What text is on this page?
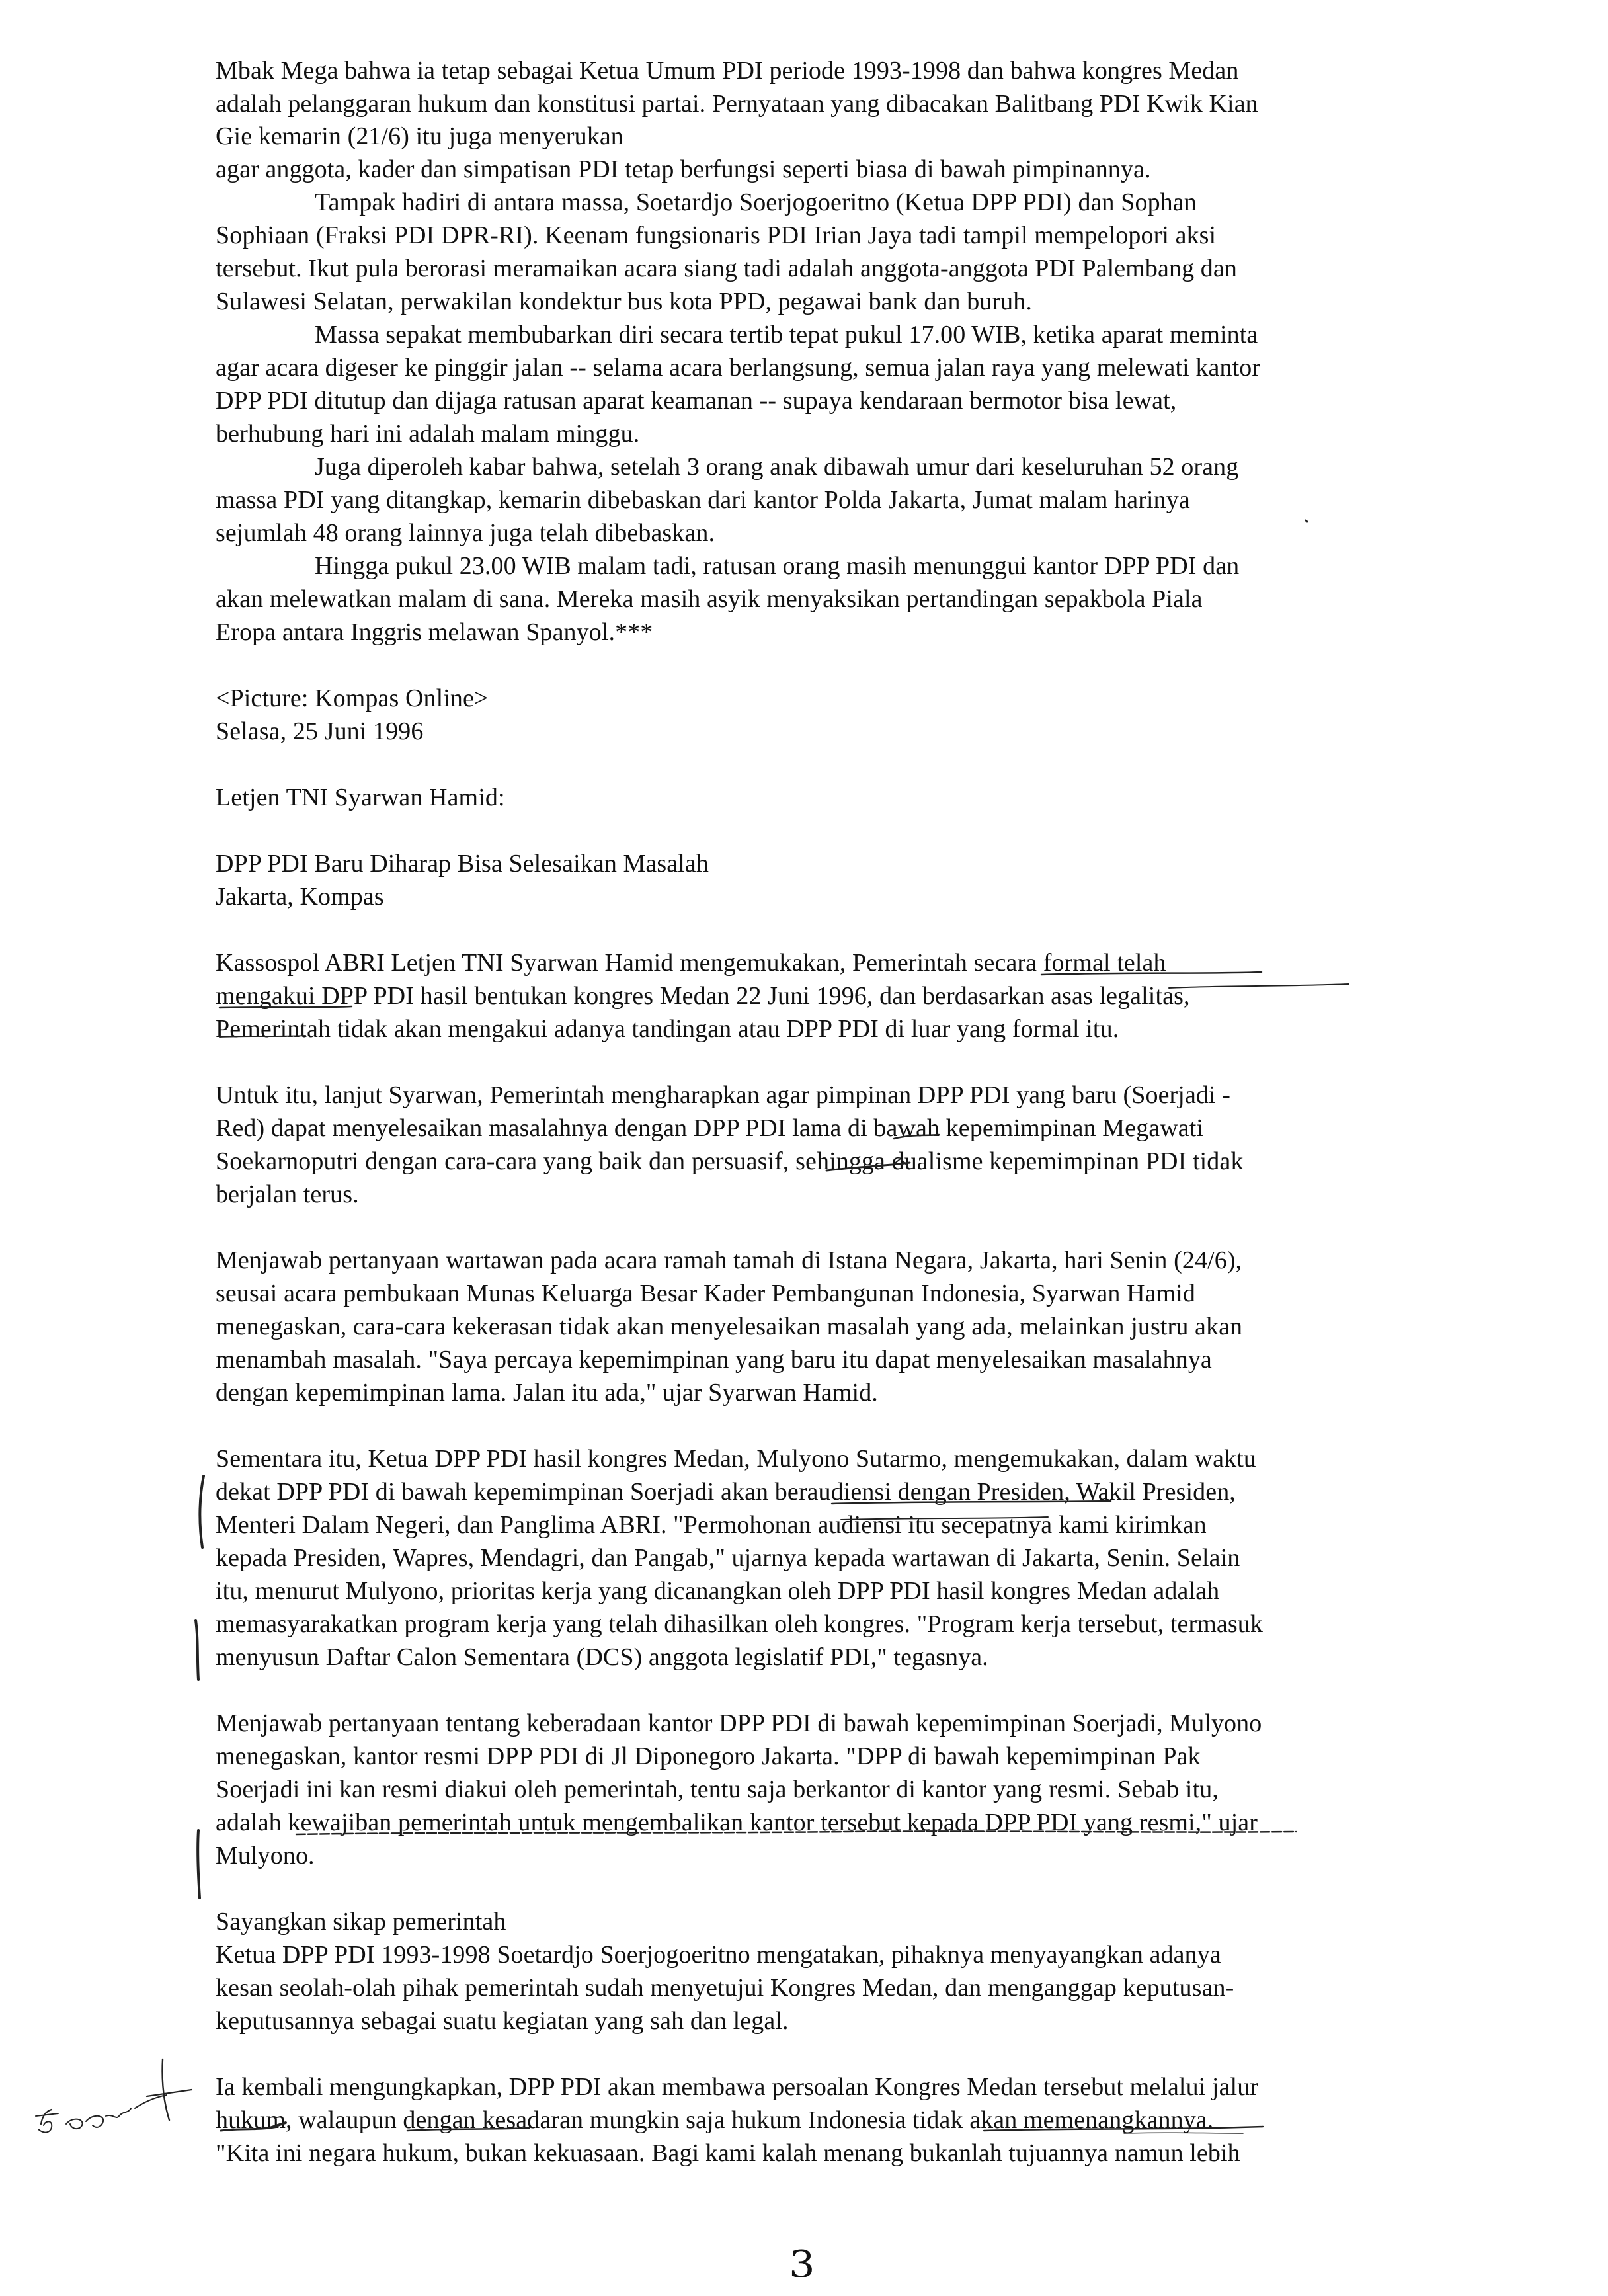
Mbak Mega bahwa ia tetap sebagai Ketua Umum PDI periode 1993-1998 dan bahwa kongres Medan
adalah pelanggaran hukum dan konstitusi partai. Pernyataan yang dibacakan Balitbang PDI Kwik Kian
Gie kemarin (21/6) itu juga menyerukan
agar anggota, kader dan simpatisan PDI tetap berfungsi seperti biasa di bawah pimpinannya.
Tampak hadiri di antara massa, Soetardjo Soerjogoeritno (Ketua DPP PDI) dan Sophan
Sophiaan (Fraksi PDI DPR-RI). Keenam fungsionaris PDI Irian Jaya tadi tampil mempelopori aksi
tersebut. Ikut pula berorasi meramaikan acara siang tadi adalah anggota-anggota PDI Palembang dan
Sulawesi Selatan, perwakilan kondektur bus kota PPD, pegawai bank dan buruh.
Massa sepakat membubarkan diri secara tertib tepat pukul 17.00 WIB, ketika aparat meminta
agar acara digeser ke pinggir jalan -- selama acara berlangsung, semua jalan raya yang melewati kantor
DPP PDI ditutup dan dijaga ratusan aparat keamanan -- supaya kendaraan bermotor bisa lewat,
berhubung hari ini adalah malam minggu.
Juga diperoleh kabar bahwa, setelah 3 orang anak dibawah umur dari keseluruhan 52 orang
massa PDI yang ditangkap, kemarin dibebaskan dari kantor Polda Jakarta, Jumat malam harinya
sejumlah 48 orang lainnya juga telah dibebaskan.
Hingga pukul 23.00 WIB malam tadi, ratusan orang masih menunggui kantor DPP PDI dan
akan melewatkan malam di sana. Mereka masih asyik menyaksikan pertandingan sepakbola Piala
Eropa antara Inggris melawan Spanyol.***
<Picture: Kompas Online>
Selasa, 25 Juni 1996
Letjen TNI Syarwan Hamid:
DPP PDI Baru Diharap Bisa Selesaikan Masalah
Jakarta, Kompas
Kassospol ABRI Letjen TNI Syarwan Hamid mengemukakan, Pemerintah secara formal telah
mengakui DPP PDI hasil bentukan kongres Medan 22 Juni 1996, dan berdasarkan asas legalitas,
Pemerintah tidak akan mengakui adanya tandingan atau DPP PDI di luar yang formal itu.
Untuk itu, lanjut Syarwan, Pemerintah mengharapkan agar pimpinan DPP PDI yang baru (Soerjadi -
Red) dapat menyelesaikan masalahnya dengan DPP PDI lama di bawah kepemimpinan Megawati
Soekarnoputri dengan cara-cara yang baik dan persuasif, sehingga dualisme kepemimpinan PDI tidak
berjalan terus.
Menjawab pertanyaan wartawan pada acara ramah tamah di Istana Negara, Jakarta, hari Senin (24/6),
seusai acara pembukaan Munas Keluarga Besar Kader Pembangunan Indonesia, Syarwan Hamid
menegaskan, cara-cara kekerasan tidak akan menyelesaikan masalah yang ada, melainkan justru akan
menambah masalah. "Saya percaya kepemimpinan yang baru itu dapat menyelesaikan masalahnya
dengan kepemimpinan lama. Jalan itu ada," ujar Syarwan Hamid.
Sementara itu, Ketua DPP PDI hasil kongres Medan, Mulyono Sutarmo, mengemukakan, dalam waktu
dekat DPP PDI di bawah kepemimpinan Soerjadi akan beraudiensi dengan Presiden, Wakil Presiden,
Menteri Dalam Negeri, dan Panglima ABRI. "Permohonan audiensi itu secepatnya kami kirimkan
kepada Presiden, Wapres, Mendagri, dan Pangab," ujarnya kepada wartawan di Jakarta, Senin. Selain
itu, menurut Mulyono, prioritas kerja yang dicanangkan oleh DPP PDI hasil kongres Medan adalah
memasyarakatkan program kerja yang telah dihasilkan oleh kongres. "Program kerja tersebut, termasuk
menyusun Daftar Calon Sementara (DCS) anggota legislatif PDI," tegasnya.
Menjawab pertanyaan tentang keberadaan kantor DPP PDI di bawah kepemimpinan Soerjadi, Mulyono
menegaskan, kantor resmi DPP PDI di Jl Diponegoro Jakarta. "DPP di bawah kepemimpinan Pak
Soerjadi ini kan resmi diakui oleh pemerintah, tentu saja berkantor di kantor yang resmi. Sebab itu,
adalah kewajiban pemerintah untuk mengembalikan kantor tersebut kepada DPP PDI yang resmi," ujar
Mulyono.
Sayangkan sikap pemerintah
Ketua DPP PDI 1993-1998 Soetardjo Soerjogoeritno mengatakan, pihaknya menyayangkan adanya
kesan seolah-olah pihak pemerintah sudah menyetujui Kongres Medan, dan menganggap keputusan-
keputusannya sebagai suatu kegiatan yang sah dan legal.
Ia kembali mengungkapkan, DPP PDI akan membawa persoalan Kongres Medan tersebut melalui jalur
hukum, walaupun dengan kesadaran mungkin saja hukum Indonesia tidak akan memenangkannya.
"Kita ini negara hukum, bukan kekuasaan. Bagi kami kalah menang bukanlah tujuannya namun lebih
3
